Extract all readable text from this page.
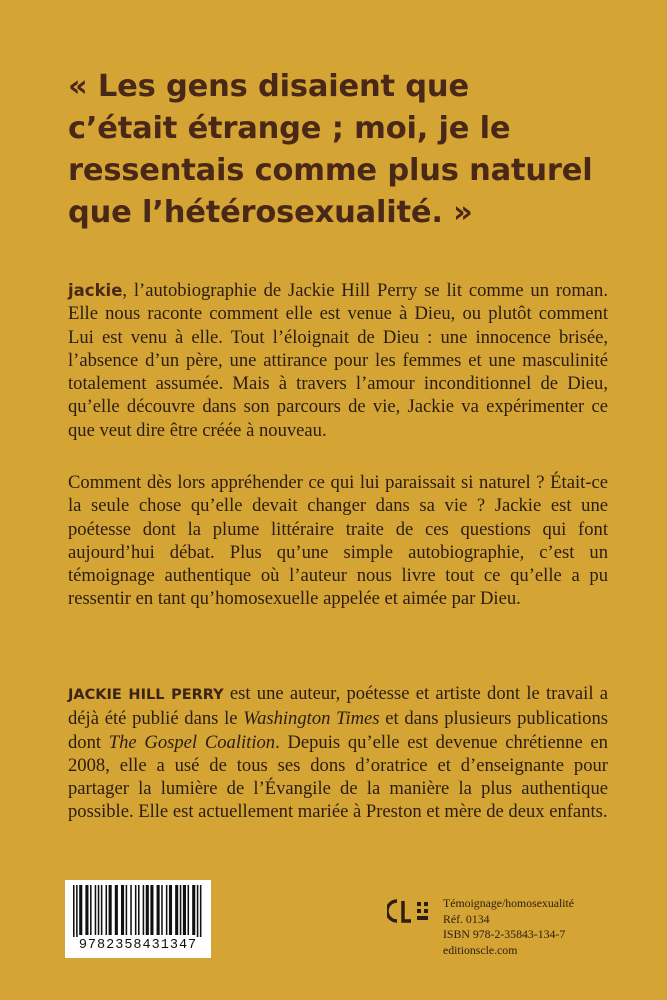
« Les gens disaient que
c’était étrange ; moi, je le
ressentais comme plus naturel
que l’hétérosexualité. »

jackie, l’autobiographie de Jackie Hill Perry se lit comme un roman. Elle nous raconte comment elle est venue à Dieu, ou plutôt comment Lui est venu à elle. Tout l’éloignait de Dieu : une innocence brisée, l’absence d’un père, une attirance pour les femmes et une masculinité totalement assumée. Mais à travers l’amour inconditionnel de Dieu, qu’elle découvre dans son parcours de vie, Jackie va expérimenter ce que veut dire être créée à nouveau.

Comment dès lors appréhender ce qui lui paraissait si naturel ? Était-ce la seule chose qu’elle devait changer dans sa vie ? Jackie est une poétesse dont la plume littéraire traite de ces questions qui font aujourd’hui débat. Plus qu’une simple autobiographie, c’est un témoignage authentique où l’auteur nous livre tout ce qu’elle a pu ressentir en tant qu’homosexuelle appelée et aimée par Dieu.

JACKIE HILL PERRY est une auteur, poétesse et artiste dont le travail a déjà été publié dans le Washington Times et dans plusieurs publications dont The Gospel Coalition. Depuis qu’elle est devenue chrétienne en 2008, elle a usé de tous ses dons d’oratrice et d’enseignante pour partager la lumière de l’Évangile de la manière la plus authentique possible. Elle est actuellement mariée à Preston et mère de deux enfants.

9782358431347
Témoignage/homosexualité
Réf. 0134
ISBN 978-2-35843-134-7
editionscle.com
